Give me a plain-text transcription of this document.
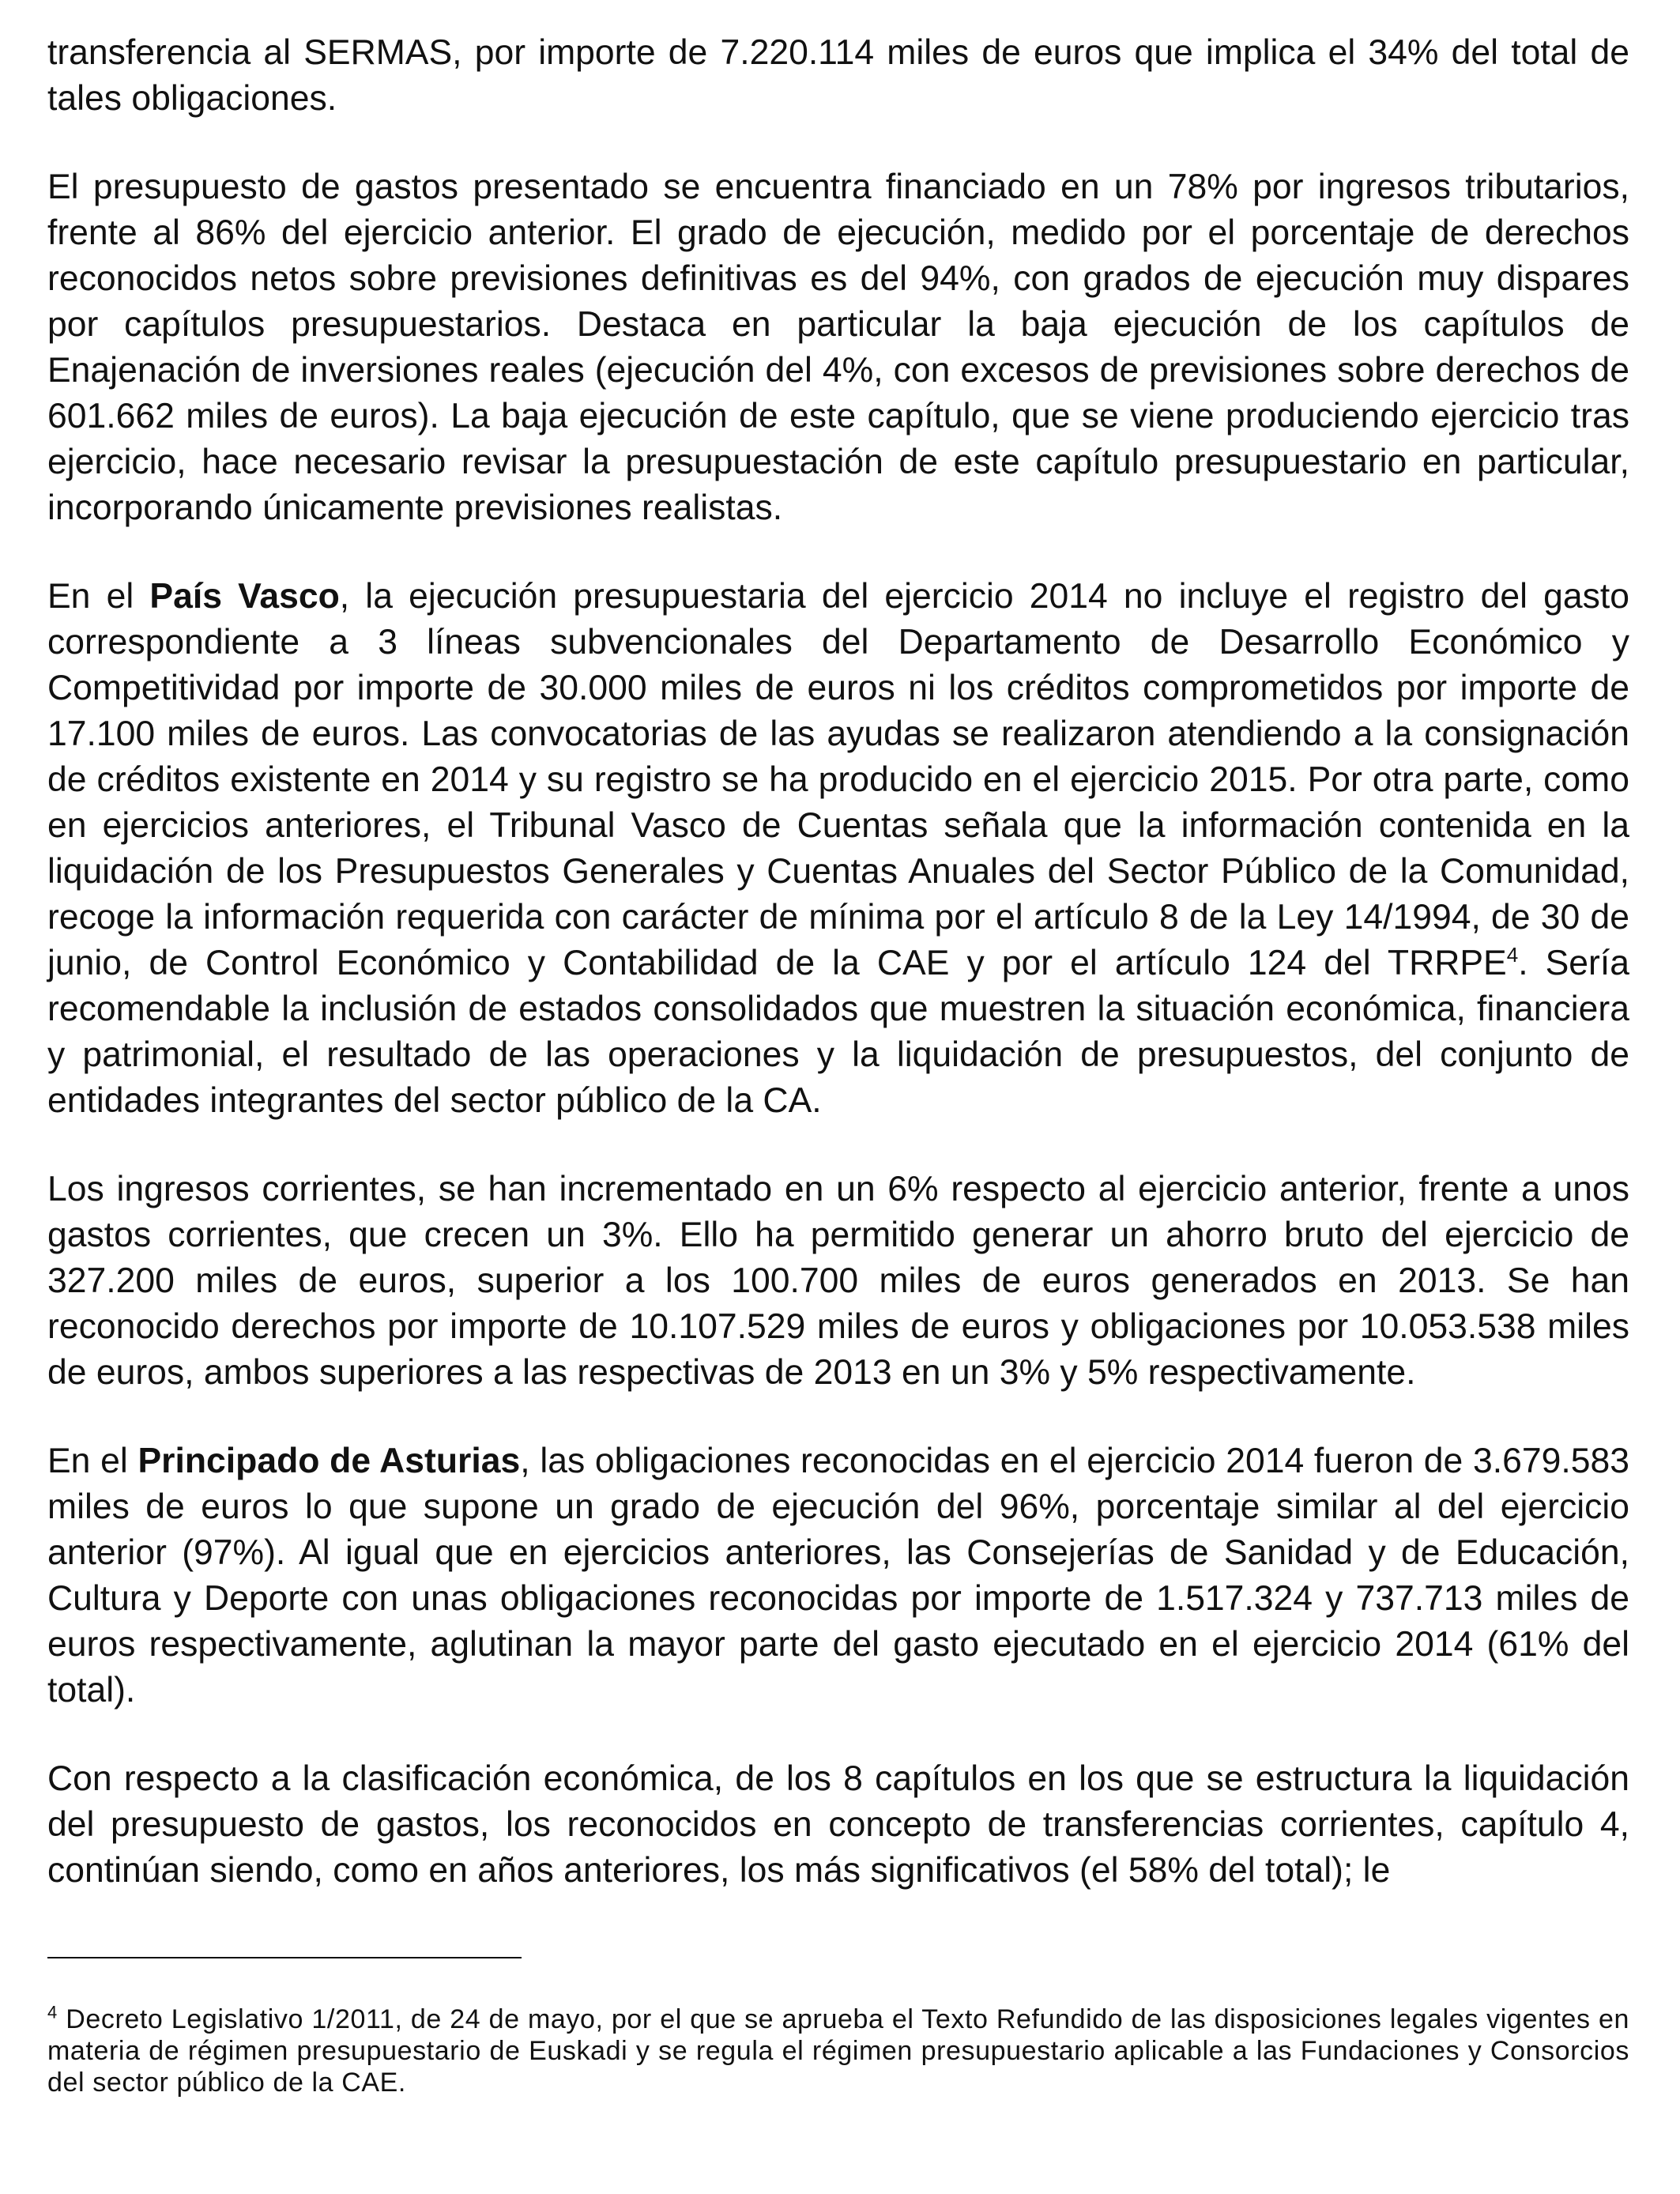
transferencia al SERMAS, por importe de 7.220.114 miles de euros que implica el 34% del total de tales obligaciones.

El presupuesto de gastos presentado se encuentra financiado en un 78% por ingresos tributarios, frente al 86% del ejercicio anterior. El grado de ejecución, medido por el porcentaje de derechos reconocidos netos sobre previsiones definitivas es del 94%, con grados de ejecución muy dispares por capítulos presupuestarios. Destaca en particular la baja ejecución de los capítulos de Enajenación de inversiones reales (ejecución del 4%, con excesos de previsiones sobre derechos de 601.662 miles de euros). La baja ejecución de este capítulo, que se viene produciendo ejercicio tras ejercicio, hace necesario revisar la presupuestación de este capítulo presupuestario en particular, incorporando únicamente previsiones realistas.

En el País Vasco, la ejecución presupuestaria del ejercicio 2014 no incluye el registro del gasto correspondiente a 3 líneas subvencionales del Departamento de Desarrollo Económico y Competitividad por importe de 30.000 miles de euros ni los créditos comprometidos por importe de 17.100 miles de euros. Las convocatorias de las ayudas se realizaron atendiendo a la consignación de créditos existente en 2014 y su registro se ha producido en el ejercicio 2015. Por otra parte, como en ejercicios anteriores, el Tribunal Vasco de Cuentas señala que la información contenida en la liquidación de los Presupuestos Generales y Cuentas Anuales del Sector Público de la Comunidad, recoge la información requerida con carácter de mínima por el artículo 8 de la Ley 14/1994, de 30 de junio, de Control Económico y Contabilidad de la CAE y por el artículo 124 del TRRPE$^4$. Sería recomendable la inclusión de estados consolidados que muestren la situación económica, financiera y patrimonial, el resultado de las operaciones y la liquidación de presupuestos, del conjunto de entidades integrantes del sector público de la CA.

Los ingresos corrientes, se han incrementado en un 6% respecto al ejercicio anterior, frente a unos gastos corrientes, que crecen un 3%. Ello ha permitido generar un ahorro bruto del ejercicio de 327.200 miles de euros, superior a los 100.700 miles de euros generados en 2013. Se han reconocido derechos por importe de 10.107.529 miles de euros y obligaciones por 10.053.538 miles de euros, ambos superiores a las respectivas de 2013 en un 3% y 5% respectivamente.

En el Principado de Asturias, las obligaciones reconocidas en el ejercicio 2014 fueron de 3.679.583 miles de euros lo que supone un grado de ejecución del 96%, porcentaje similar al del ejercicio anterior (97%). Al igual que en ejercicios anteriores, las Consejerías de Sanidad y de Educación, Cultura y Deporte con unas obligaciones reconocidas por importe de 1.517.324 y 737.713 miles de euros respectivamente, aglutinan la mayor parte del gasto ejecutado en el ejercicio 2014 (61% del total).

Con respecto a la clasificación económica, de los 8 capítulos en los que se estructura la liquidación del presupuesto de gastos, los reconocidos en concepto de transferencias corrientes, capítulo 4, continúan siendo, como en años anteriores, los más significativos (el 58% del total); le

$^4$ Decreto Legislativo 1/2011, de 24 de mayo, por el que se aprueba el Texto Refundido de las disposiciones legales vigentes en materia de régimen presupuestario de Euskadi y se regula el régimen presupuestario aplicable a las Fundaciones y Consorcios del sector público de la CAE.
